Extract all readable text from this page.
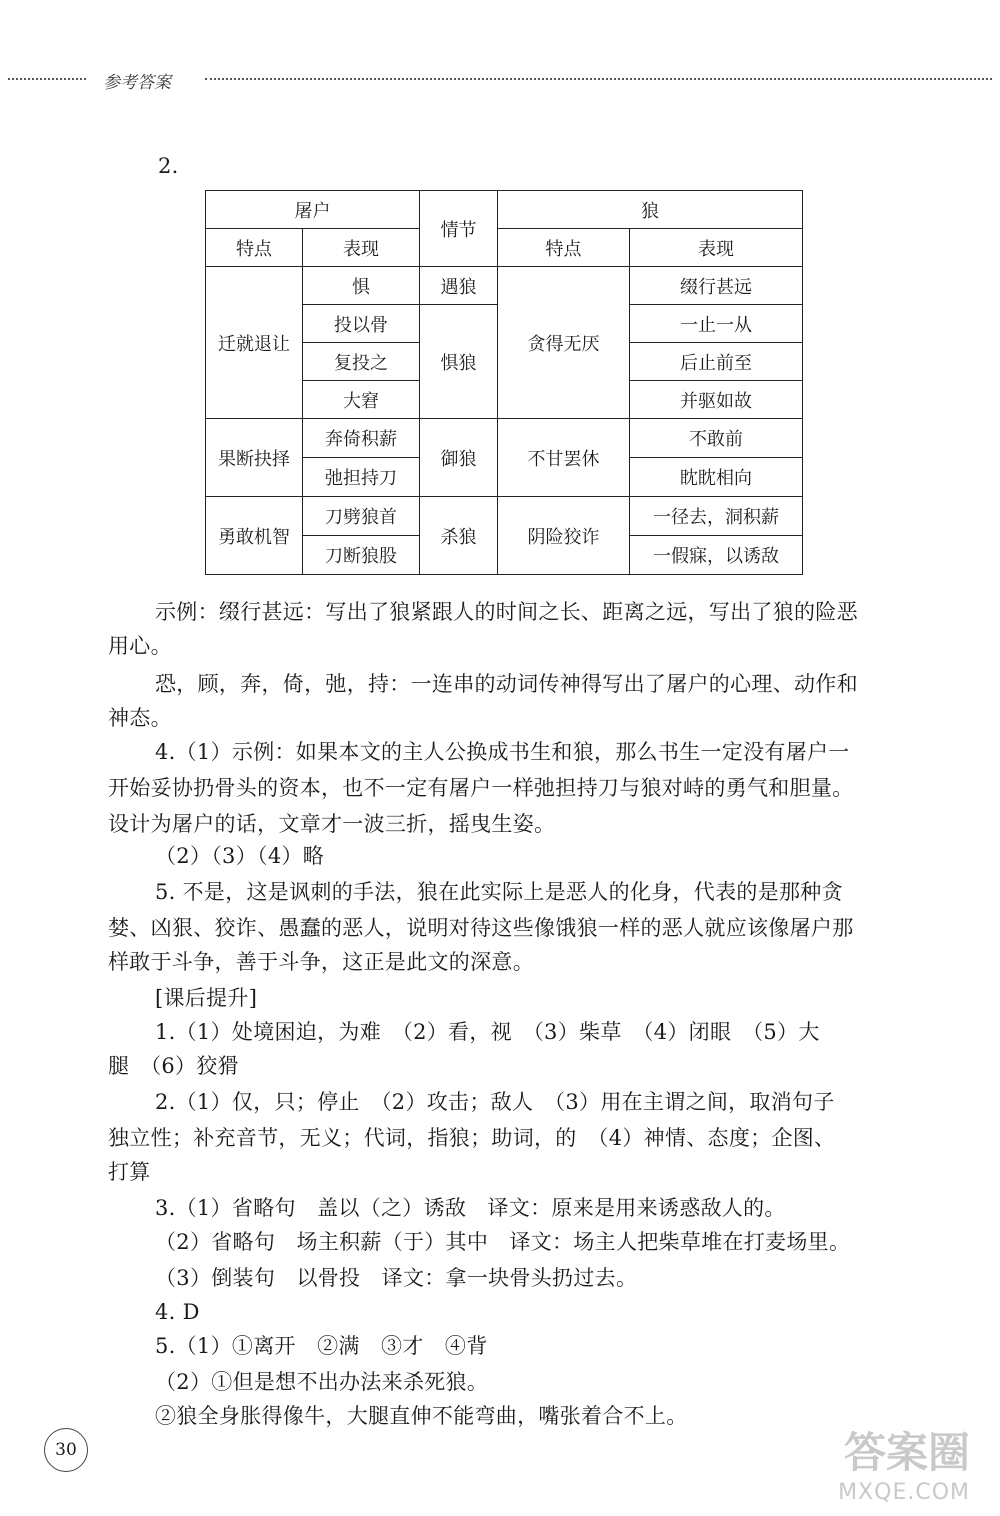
参考答案
2.
屠户		情节	狼	
特点	表现		特点	表现
迁就退让	惧	遇狼	贪得无厌	缀行甚远
	投以骨	惧狼		一止一从
	复投之			后止前至
	大窘			并驱如故
果断抉择	奔倚积薪	御狼	不甘罢休	不敢前
	弛担持刀			眈眈相向
勇敢机智	刀劈狼首	杀狼	阴险狡诈	一径去，洞积薪
	刀断狼股			一假寐，以诱敌
示例：缀行甚远：写出了狼紧跟人的时间之长、距离之远，写出了狼的险恶
用心。
恐，顾，奔，倚，弛，持：一连串的动词传神得写出了屠户的心理、动作和
神态。
4.（1）示例：如果本文的主人公换成书生和狼，那么书生一定没有屠户一
开始妥协扔骨头的资本，也不一定有屠户一样弛担持刀与狼对峙的勇气和胆量。
设计为屠户的话，文章才一波三折，摇曳生姿。
（2）（3）（4）略
5. 不是，这是讽刺的手法，狼在此实际上是恶人的化身，代表的是那种贪
婪、凶狠、狡诈、愚蠢的恶人，说明对待这些像饿狼一样的恶人就应该像屠户那
样敢于斗争，善于斗争，这正是此文的深意。
[课后提升]
1.（1）处境困迫，为难　（2）看，视　（3）柴草　（4）闭眼　（5）大
腿　（6）狡猾
2.（1）仅，只；停止　（2）攻击；敌人　（3）用在主谓之间，取消句子
独立性；补充音节，无义；代词，指狼；助词，的　（4）神情、态度；企图、
打算
3.（1）省略句　盖以（之）诱敌　译文：原来是用来诱惑敌人的。
（2）省略句　场主积薪（于）其中　译文：场主人把柴草堆在打麦场里。
（3）倒装句　以骨投　译文：拿一块骨头扔过去。
4. D
5.（1）①离开　②满　③才　④背
（2）①但是想不出办法来杀死狼。
②狼全身胀得像牛，大腿直伸不能弯曲，嘴张着合不上。
30	答案圈
MXQE.COM
